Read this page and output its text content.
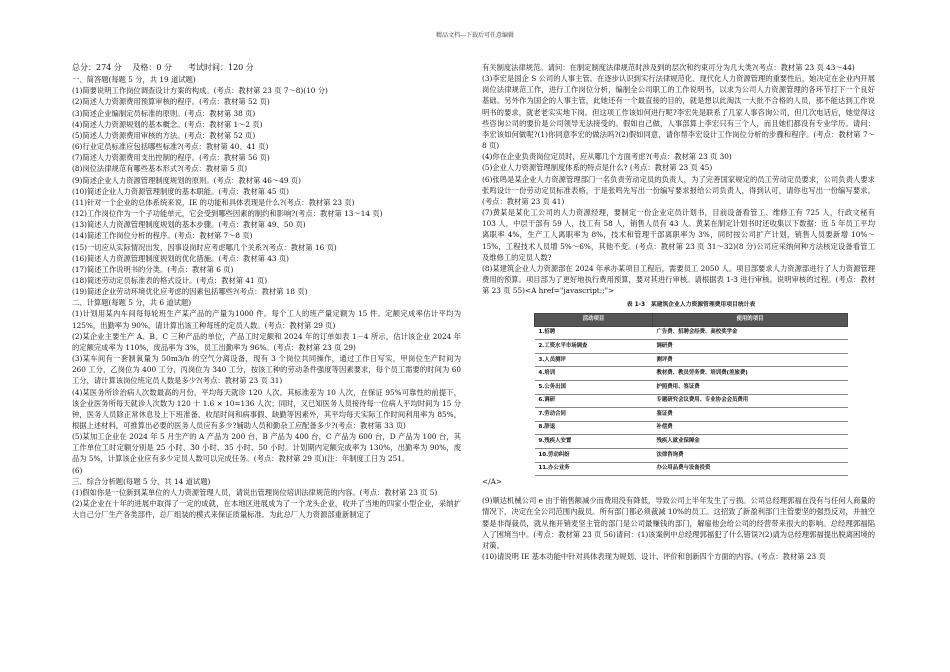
精品文档---下载后可任意编辑

总分：274 分　 及格：0 分　　考试时间：120 分

一、简答题(每题 5 分，共 19 道试题)

(1)简要说明工作岗位调查设计方案的构成。(考点：教材第 23 页 7～8)(10 分)

(2)简述人力资源费用预算审核的程序。(考点：教材第 52 页)

(3)简述企业编制定员标准的原则。(考点：教材第 38 页)

(4)简述人力资源规划的基本概念。(考点：教材第 1～2 页)

(5)简述人力资源费用审核的方法。(考点：教材第 52 页)

(6)行业定员标准应包括哪些标准?(考点：教材第 40、41 页)

(7)简述人力资源费用支出控制的程序。(考点：教材第 56 页)

(8)岗位法律规范有哪些基本形式?(考点：教材第 5 页)

(9)简述企业人力资源管理制度规划的原则。(考点：教材第 46～49 页)

(10)简述企业人力资源管理制度的基本职能。(考点：教材第 45 页)

(11)针对一个企业的总体系统来说，IE 的功能和具体表现是什么?(考点：教材第 23 页)

(12)工作岗位作为一个子功能单元，它会受到哪些因素的制约和影响?(考点：教材第 13～14 页)

(13)简述人力资源管理制度规划的基本步骤。(考点：教材第 49、50 页)

(14)简述工作岗位分析的程序。(考点：教材第 7～8 页)

(15)一切应从实际情况出发，因事设岗时应考虑哪几个关系?(考点：教材第 16 页)

(16)简述人力资源管理制度规划的优化措施。(考点：教材第 43 页)

(17)简述工作说明书的分类。(考点：教材第 6 页)

(18)简述劳动定员标准表的格式设计。(考点：教材第 41 页)

(19)简述企业劳动环境优化应考虑的因素包括哪些?(考点：教材第 18 页)

二、计算题(每题 5 分，共 6 道试题)

(1)计划用某内车间每每轮班生产某产品的产量为1000 件。每个工人的班产量定额为 15 件。定额完成率估计平均为125%，出勤率为 90%，请计算出该工种每班的定员人数。(考点：教材第 29 页)

(2)某企业主要生产 A、B、C 三种产品的单位，产品工时定额和 2024 年的订单如表 1－4 所示，估计该企业 2024 年的定额完成率为 110%，废品率为 3%，员工出勤率为 96%。(考点：教材第 23 页 29)

(3)某车间有一套制氧量为 50m3/h 的空气分离设备，现有 3 个岗位共同操作，通过工作日写实，甲岗位生产时间为 260 工分，乙岗位为 400 工分，丙岗位为 340 工分，按该工种的劳动条件强度等因素要求，每个员工需要的时间为 60 工分，请计算该岗位班定员人数是多少?(考点：教材第 23 页 31)

(4)某医务所诊治病人次数最高的月份，平均每天就诊 120 人次。其标准差为 10 人次，在保证 95%可靠性的前提下，该企业医务所每天就诊人次数为 120 十 1.6 × 10=136 人次；同时，又已知医务人员接待每一位病人平均时间为 15 分钟，医务人员除正常休息及上下班准备、收尾时间和病事假、缺勤等因素外，其平均每天实际工作时间利用率为 85%，根据上述材料，可推算出必要的医务人员应有多少?辅助人员和勤杂工应配备多少?(考点：教材第 33 页)

(5)某加工企业在 2024 年 5 月生产的 A 产品为 200 台，B 产品为 400 台，C 产品为 600 台，D 产品为 100 台，其工作单位工时定额分别是 25 小时、30 小时、35 小时、50 小时。计划期内定额完成率为 130%，出勤率为 90%，废品为 5%，计算该企业应有多少定员人数可以完成任务。(考点：教材第 29 页)(注：年制度工日为 251。

(6)

三、综合分析题(每题 5 分，共 14 道试题)

(1)假如你是一位新到某单位的人力资源管理人员，请说出管理岗位培训法律规范的内容。(考点：教材第 23 页 5)

(2)某企业在十年的进展中取得了一定的成就，在本地区进展成为了一个龙头企业，收并了当地的四家小型企业，采纳扩大自己分厂生产各类部件，总厂组装的模式来保证质量标准。为此总厂人力资源部重新制定了

有关制度法律规范。请问：在制定制度法律规范时涉及到的层次和约束可分为几大类?(考点：教材第 23 页 43～44)

(3)李宏是国企 S 公司的人事主管。在逐步认识到实行法律规范化、现代化人力资源管理的重要性后，她决定在企业内开展岗位法律规范工作，进行工作岗位分析，编制全公司职工的工作说明书，以求为公司人力资源管理的各环节打下一个良好基础。另外作为国企的人事主管，此她还有一个最直接的目的，就是想以此淘汰一大批不合格的人员，那不能达到工作说明书的要求，就老老实实地下岗。但这项工作该如何进行呢?李宏先是联系了几家人事咨询公司，但几次电话后，她觉得这些咨询公司的要价是公司领导无法接受的。假如自己做，人事部算上李宏只有三个人，而且她们都没有专业学历。请问：李宏该如何做呢?(1)你同意李宏的做法吗?(2)假如同意，请你帮李宏设计工作岗位分析的步骤和程序。(考点：教材第 7～8 页)

(4)你在企业负责岗位定员时，应从哪几个方面考虑?(考点：教材第 23 页 30)

(5)企业人力资源管理制度体系的特点是什么? (考点：教材第 23 页 45)

(6)张鸣是某企业人力资源管理部门一名负责劳动定员的负责人，为了完善国家规定的员工劳动定员要求，公司负责人要求张鸣设计一份劳动定员标准表格，于是张鸣先写出一份编写要求报给公司负责人，得到认可，请你也写出一份编写要求。(考点：教材第 23 页 41)

(7)黄某是某化工公司的人力资源经理，要制定一份企业定员计划书，目前设备看管工、维修工有 725 人，行政文秘有 103 人，中层干部有 59 人，技工有 58 人，销售人员有 43 人。黄某在制定计划书时还收集以下数据：近 5 年员工平均离职率 4%，生产工人离职率为 8%，技术和管理干部离职率为 3%，同时按公司扩产计划，销售人员要新增 10%～15%，工程技术人员增 5%～6%，其他不变。(考点：教材第 23 页 31～32)(8 分)公司应采纳何种方法核定设备看管工及维修工的定员人数?

(8)某建筑企业人力资源部在 2024 年承办某项目工程后，需要员工 2050 人。项目部要求人力资源部进行了人力资源管理费用的预算。项目部为了更好地执行费用预算，要对其进行审核。请根据表 1-3 进行审核。说明审核的过程。(考点：教材第 23 页 55)<A href="javascript:;">

表 1-3　某建筑企业人力资源管理费用项目统计表
活动项目	使用的项目
1.招聘	广告费、招聘会经费、高校奖学金
2.工资水平市场调查	调研费
3.人员测评	测评费
4.培训	教材费、教员劳务费、培训费(差旅费)
5.公务出国	护照费用、签证费
6.调研	专题研究会议费用、专业协会会员费用
7.劳动合同	鉴证费
8.辞退	补偿费
9.残疾人安置	残疾人就业保障金
10.劳动纠纷	法律咨询费
11.办公业务	办公用品费与设备投资

</A>

(9)顺达机械公司 e 由于销售额减少而费用没有降低，导致公司上半年发生了亏损。公司总经理郭福在没有与任何人商量的情况下，决定在全公司范围内裁员。所有部门都必须裁减 10%的员工。这招致了新盈利部门主管要坚的强烈反对，并抽空要是非得裁员，就从拖开销麦坚主管的部门是公司最赚钱的部门，解雇他会给公司的经营带来很大的影响。总经理郭福陷入了困境当中。(考点：教材第 23 页 56)请问：(1)该案例中总经理郭福犯了什么错误?(2)请为总经理郭福提出脱离困境的对策。

(10)请说明 IE 基本功能中针对具体表现为规划、设计、评价和创新四个方面的内容。(考点：教材第 23 页
